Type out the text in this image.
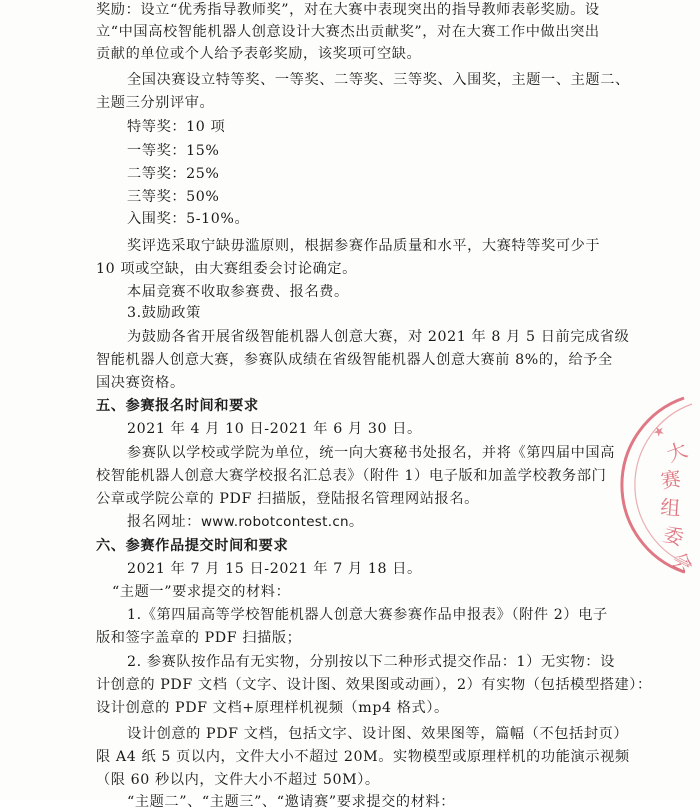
奖励：设立“优秀指导教师奖”，对在大赛中表现突出的指导教师表彰奖励。设
立“中国高校智能机器人创意设计大赛杰出贡献奖”，对在大赛工作中做出突出
贡献的单位或个人给予表彰奖励，该奖项可空缺。
全国决赛设立特等奖、一等奖、二等奖、三等奖、入围奖，主题一、主题二、
主题三分别评审。
特等奖：10 项
一等奖：15%
二等奖：25%
三等奖：50%
入围奖：5-10%。
奖评选采取宁缺毋滥原则，根据参赛作品质量和水平，大赛特等奖可少于
10 项或空缺，由大赛组委会讨论确定。
本届竞赛不收取参赛费、报名费。
3.鼓励政策
为鼓励各省开展省级智能机器人创意大赛，对 2021 年 8 月 5 日前完成省级
智能机器人创意大赛，参赛队成绩在省级智能机器人创意大赛前 8%的，给予全
国决赛资格。
五、参赛报名时间和要求
2021 年 4 月 10 日-2021 年 6 月 30 日。
参赛队以学校或学院为单位，统一向大赛秘书处报名，并将《第四届中国高
校智能机器人创意大赛学校报名汇总表》（附件 1）电子版和加盖学校教务部门
公章或学院公章的 PDF 扫描版，登陆报名管理网站报名。
报名网址：www.robotcontest.cn。
六、参赛作品提交时间和要求
2021 年 7 月 15 日-2021 年 7 月 18 日。
“主题一”要求提交的材料：
1.《第四届高等学校智能机器人创意大赛参赛作品申报表》（附件 2）电子
版和签字盖章的 PDF 扫描版；
2. 参赛队按作品有无实物，分别按以下二种形式提交作品：1）无实物：设
计创意的 PDF 文档（文字、设计图、效果图或动画），2）有实物（包括模型搭建）：
设计创意的 PDF 文档+原理样机视频（mp4 格式）。
设计创意的 PDF 文档，包括文字、设计图、效果图等，篇幅（不包括封页）
限 A4 纸 5 页以内，文件大小不超过 20M。实物模型或原理样机的功能演示视频
（限 60 秒以内，文件大小不超过 50M）。
“主题二”、“主题三”、“邀请赛”要求提交的材料：
大
赛
组
委
会
★
